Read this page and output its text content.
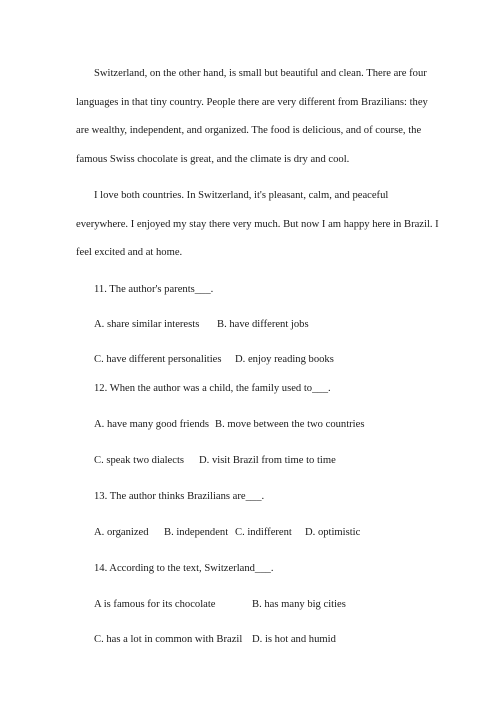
Switzerland, on the other hand, is small but beautiful and clean. There are four
languages in that tiny country. People there are very different from Brazilians: they
are wealthy, independent, and organized. The food is delicious, and of course, the
famous Swiss chocolate is great, and the climate is dry and cool.
I love both countries. In Switzerland, it's pleasant, calm, and peaceful
everywhere. I enjoyed my stay there very much. But now I am happy here in Brazil. I
feel excited and at home.
11. The author's parents___.
A. share similar interests B. have different jobs
C. have different personalities D. enjoy reading books
12. When the author was a child, the family used to___.
A. have many good friends B. move between the two countries
C. speak two dialects D. visit Brazil from time to time
13. The author thinks Brazilians are___.
A. organized B. independent C. indifferent D. optimistic
14. According to the text, Switzerland___.
A is famous for its chocolate	B. has many big cities
C. has a lot in common with Brazil D. is hot and humid
